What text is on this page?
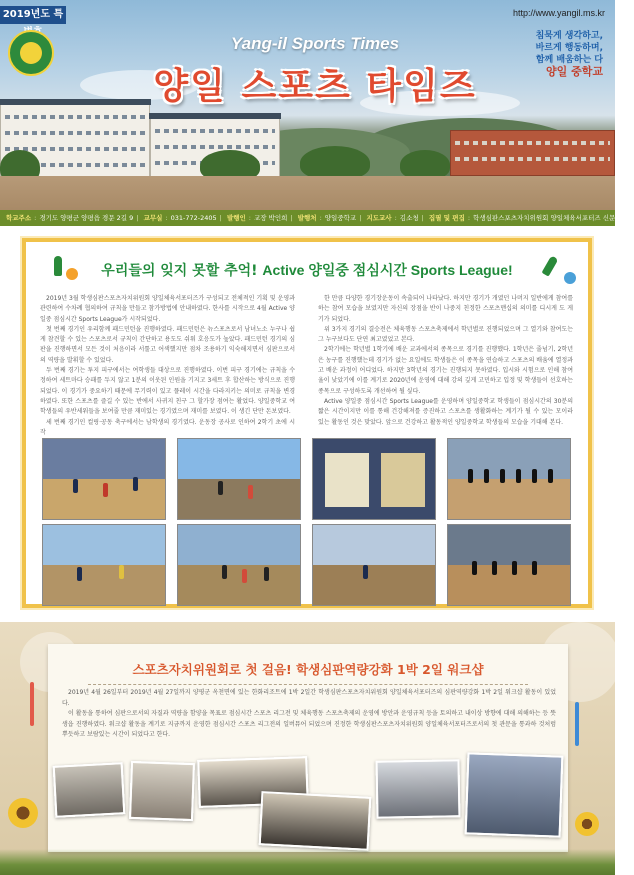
2019년도 특	http://www.yangil.ms.kr
Yang-il Sports Times
양일 스포츠 타임즈
침묵게 생각하고,
바르게 행동하며,
함께 배움하는 다
양일 중학교
학교주소 : 경기도 양평군 양평읍 경문 2길 9 | 교무실 : 031-772-2405 | 발행인 : 교장 박인희 | 발행처 : 양일중학교 | 지도교사 : 김소청 | 집필 및 편집 : 학생심판스포츠자치위원회 양일체육서포터즈 신문명상부
우리들의 잊지 못할 추억! Active 양일중 점심시간 Sports League!

2019년 3월 학생심판스포츠자치위원회 양일체육서포터즈가 구성되고 전체적인 기획 및 운영과 관련하여 수차례 협의하여 규칙을 만들고 참가방법에 안내하였다. 한사를 시작으로 4월 Active 양일중 점심시간 Sports League가 시작되었다.

첫 번째 경기인 우리함께 패드민턴을 진행하였다. 패드민턴은 뉴스포츠로서 남녀노소 누구나 쉽게 참견할 수 있는 스포츠로서 규칙이 간단하고 용도도 쉬워 호응도가 높았다. 패드민턴 경기의 심판을 진행하면서 모든 것이 처음이라 서툴고 어색했지만 점차 조용하기 익숙해지면서 심판으로서의 역량을 발휘할 수 있었다.

두 번째 경기는 투지 피구에서는 여학생들 대상으로 진행하였다. 이번 피구 경기에는 규칙을 수정하여 세트마다 승패를 두지 않고 1분의 이웃된 인원을 기지고 3세트 후 합산하는 방식으로 진행되었다. 이 경기가 중요하기 때문에 무기력이 있고 플레이 시간을 다라지키는 의미로 규칙을 변경하였다. 또한 스포츠를 즐길 수 있는 반에서 사귀지 친구 그 할가장 점여는 활었다. 양일중학교 여학생들의 우반세워들을 보여줄 만큼 재미있는 경기였으며 재미를 보였다. 이 생긴 단만 돈보였다.

세 번째 경기인 컬링·공동 축구에서는 남학생의 경기였다. 운동장 공사로 인하여 2학기 초에 시작

한 만큼 다양한 경기장운동이 속출되어 나타났다. 하지만 경기가 개였던 나머지 일반에게 참여를 하는 참여 모습을 보였지만 자신의 장점을 반이 나중지 친정한 스포츠맨십의 의미를 디시게 도 게기가 되었다.

위 3가지 경기의 결승전은 체육행동 스포츠축제에서 학년별로 진행되었으며 그 열기와 참여도는 그 누구보다도 단연 최고였었고 본다.

2학기에는 학년별 1학기에 배운 교과에서의 종목으로 경기를 진행했다. 1학년은 줄넘기, 2학년은 농구를 진행했는데 경기가 없는 요일에도 학생들은 이 종목을 연습하고 스포츠의 배움에 열정과고 배운 과정이 어디었다. 하지만 3학년의 경기는 진행되지 못하였다. 입시와 시험으로 인해 참여율이 낮았기에 이를 계기로 2020년에 운영에 대해 강의 깊게 고민하고 입정 및 학생들이 선호하는 종목으로 구성하도록 개선하여 될 싶다.

Active 양일중 점심시간 Sports League를 운영하며 양일중학교 학생들이 점심시간의 30분의 짧은 시간이지만 이를 통해 건강해져를 증진하고 스포츠를 생활화하는 계기가 될 수 있는 모이라 있는 활동인 것은 맞았다. 앞으로 건강하고 활동적인 양일중학교 학생들의 모습을 기대해 본다.

스포츠자치위원회로 첫 걸음! 학생심판역량강화 1박 2일 워크샵

2019년 4월 26일부터 2019년 4월 27일까지 양평군 옥천면에 있는 한화리조트에 1박 2일간 학생심판스포츠자치위원회 양일체육서포터즈의 심판역량강화 1박 2일 워크샵 활동이 있었다.

이 활동을 통하여 심판으로서의 자질과 역량을 함양을 목표로 점심시간 스포츠 리그전 및 체육행동 스포츠축제의 운영에 방안과 운영규칙 등을 토의하고 내이상 방향에 대해 의해하는 등 뜻 생읍 진행하였다. 워크샵 활동을 계기로 지금까지 운영한 점심시간 스포츠 리그전의 일버뮤어 되었으며 진정한 학생심판스포츠자치위원회 양일체육서포터즈로서의 첫 관문을 통과하 것처럼 뿌듯하고 보람있는 시간이 되었다고 한다.
